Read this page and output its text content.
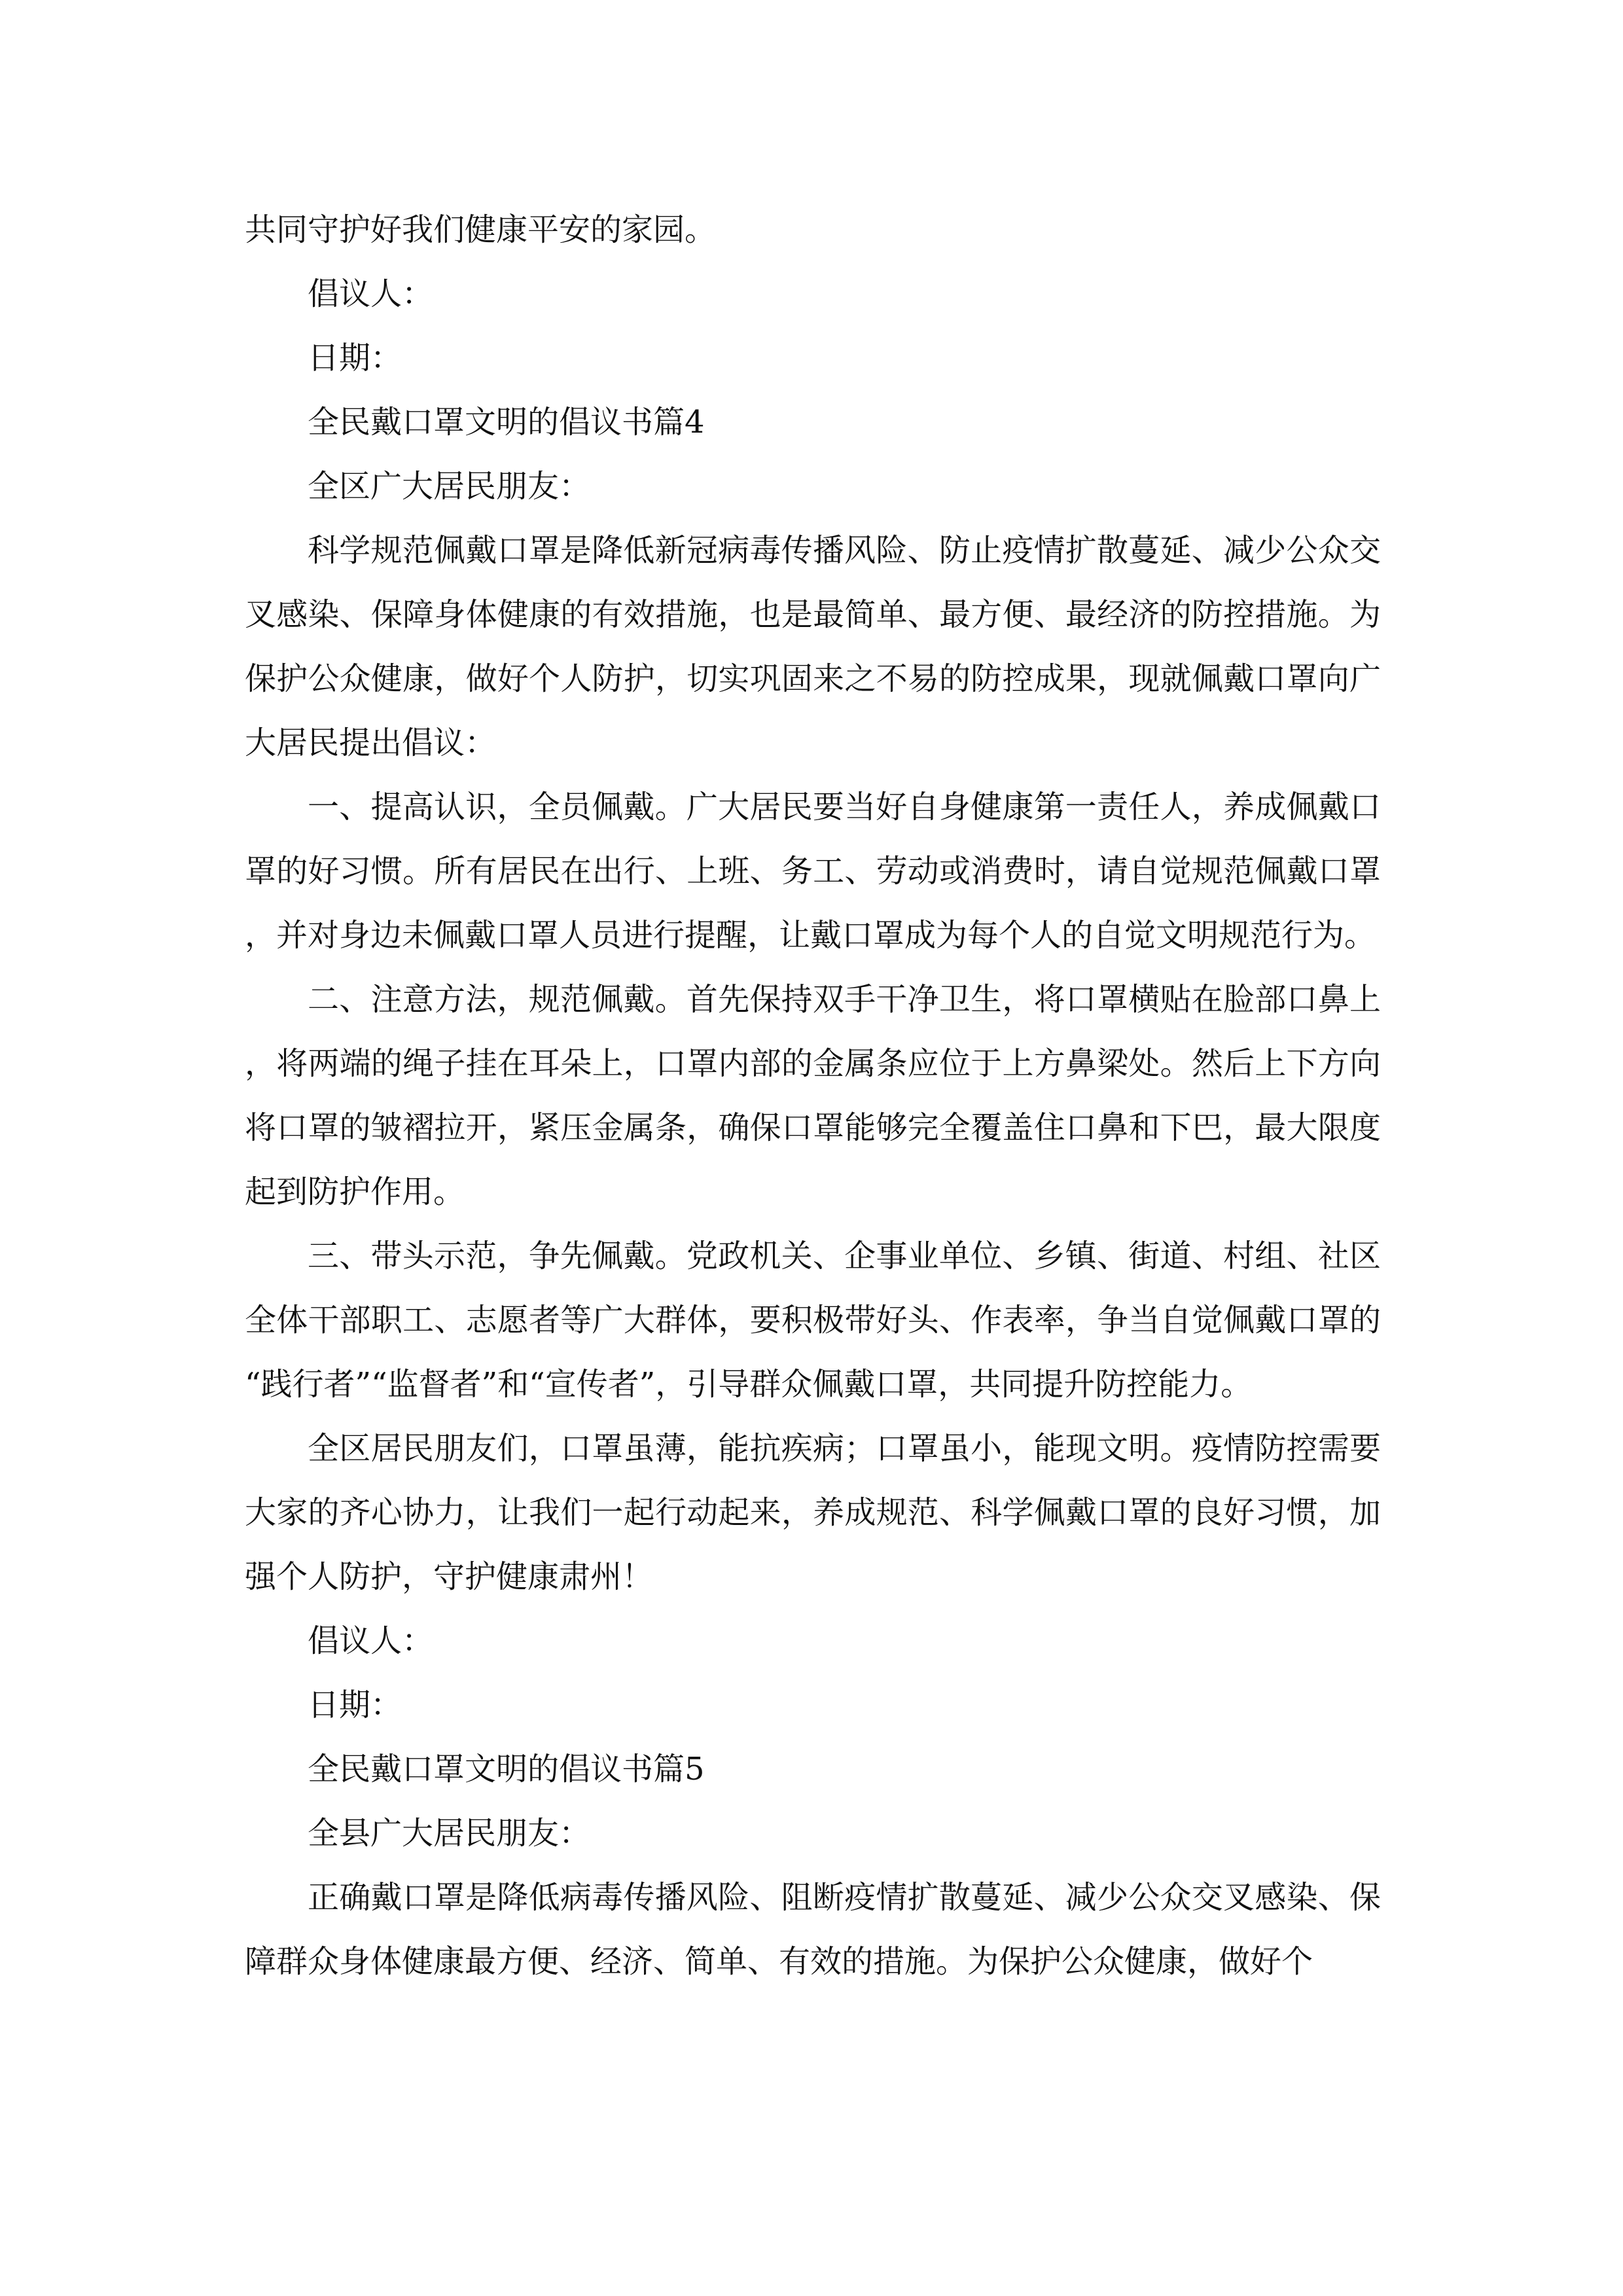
共同守护好我们健康平安的家园。

倡议人：

日期：

全民戴口罩文明的倡议书篇4

全区广大居民朋友：

科学规范佩戴口罩是降低新冠病毒传播风险、防止疫情扩散蔓延、减少公众交叉感染、保障身体健康的有效措施，也是最简单、最方便、最经济的防控措施。为保护公众健康，做好个人防护，切实巩固来之不易的防控成果，现就佩戴口罩向广大居民提出倡议：

一、提高认识，全员佩戴。广大居民要当好自身健康第一责任人，养成佩戴口罩的好习惯。所有居民在出行、上班、务工、劳动或消费时，请自觉规范佩戴口罩，并对身边未佩戴口罩人员进行提醒，让戴口罩成为每个人的自觉文明规范行为。

二、注意方法，规范佩戴。首先保持双手干净卫生，将口罩横贴在脸部口鼻上，将两端的绳子挂在耳朵上，口罩内部的金属条应位于上方鼻梁处。然后上下方向将口罩的皱褶拉开，紧压金属条，确保口罩能够完全覆盖住口鼻和下巴，最大限度起到防护作用。

三、带头示范，争先佩戴。党政机关、企事业单位、乡镇、街道、村组、社区全体干部职工、志愿者等广大群体，要积极带好头、作表率，争当自觉佩戴口罩的“践行者”“监督者”和“宣传者”，引导群众佩戴口罩，共同提升防控能力。

全区居民朋友们，口罩虽薄，能抗疾病；口罩虽小，能现文明。疫情防控需要大家的齐心协力，让我们一起行动起来，养成规范、科学佩戴口罩的良好习惯，加强个人防护，守护健康肃州！

倡议人：

日期：

全民戴口罩文明的倡议书篇5

全县广大居民朋友：

正确戴口罩是降低病毒传播风险、阻断疫情扩散蔓延、减少公众交叉感染、保障群众身体健康最方便、经济、简单、有效的措施。为保护公众健康，做好个
